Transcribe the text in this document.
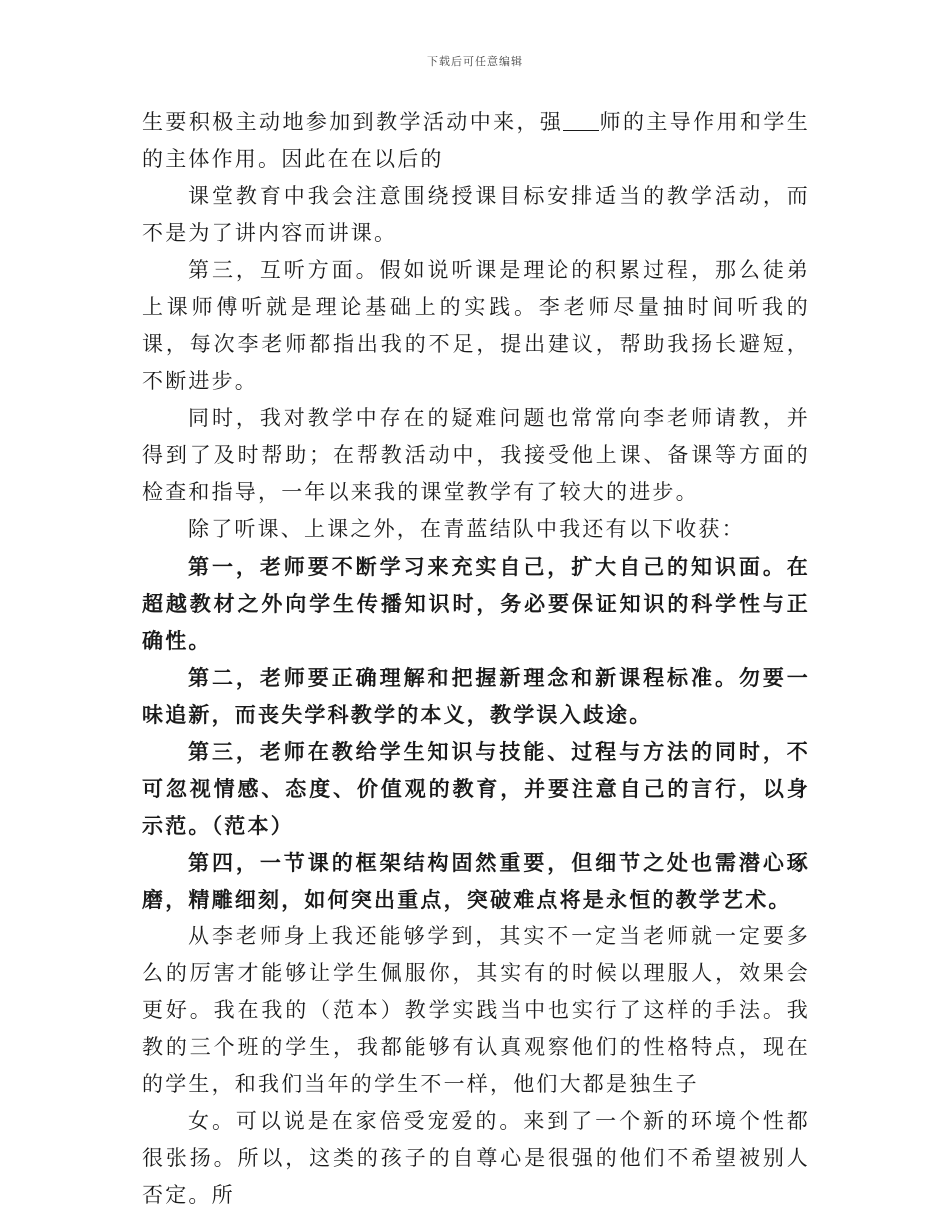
下载后可任意编辑

生要积极主动地参加到教学活动中来，强 师的主导作用和学生的主体作用。因此在在以后的

课堂教育中我会注意围绕授课目标安排适当的教学活动，而不是为了讲内容而讲课。

第三，互听方面。假如说听课是理论的积累过程，那么徒弟上课师傅听就是理论基础上的实践。李老师尽量抽时间听我的课，每次李老师都指出我的不足，提出建议，帮助我扬长避短，不断进步。

同时，我对教学中存在的疑难问题也常常向李老师请教，并得到了及时帮助；在帮教活动中，我接受他上课、备课等方面的检查和指导，一年以来我的课堂教学有了较大的进步。

除了听课、上课之外，在青蓝结队中我还有以下收获：

第一，老师要不断学习来充实自己，扩大自己的知识面。在超越教材之外向学生传播知识时，务必要保证知识的科学性与正确性。

第二，老师要正确理解和把握新理念和新课程标准。勿要一味追新，而丧失学科教学的本义，教学误入歧途。

第三，老师在教给学生知识与技能、过程与方法的同时，不可忽视情感、态度、价值观的教育，并要注意自己的言行，以身示范。（范本）

第四，一节课的框架结构固然重要，但细节之处也需潜心琢磨，精雕细刻，如何突出重点，突破难点将是永恒的教学艺术。

从李老师身上我还能够学到，其实不一定当老师就一定要多么的厉害才能够让学生佩服你，其实有的时候以理服人，效果会更好。我在我的（范本）教学实践当中也实行了这样的手法。我教的三个班的学生，我都能够有认真观察他们的性格特点，现在的学生，和我们当年的学生不一样，他们大都是独生子

女。可以说是在家倍受宠爱的。来到了一个新的环境个性都很张扬。所以，这类的孩子的自尊心是很强的他们不希望被别人否定。所
